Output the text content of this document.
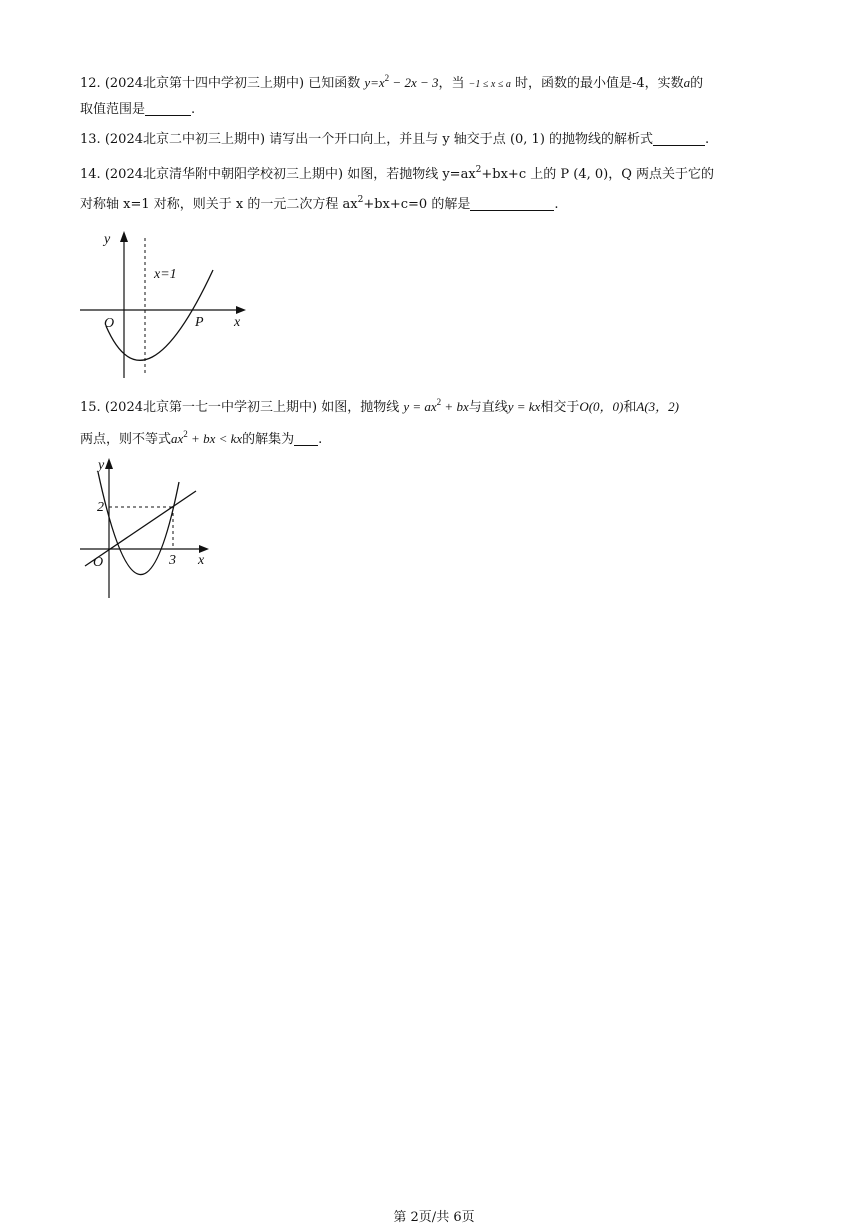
12. (2024北京第十四中学初三上期中) 已知函数 $y=x^2 - 2x - 3$，当 −1 ≤ x ≤ a 时，函数的最小值是-4，实数a的
取值范围是	.
13. (2024北京二中初三上期中) 请写出一个开口向上，并且与 y 轴交于点 (0, 1) 的抛物线的解析式	.
14. (2024北京清华附中朝阳学校初三上期中) 如图，若抛物线 $y=ax^2+bx+c$ 上的 P (4, 0)，Q 两点关于它的
对称轴 x=1 对称，则关于 x 的一元二次方程 $ax^2+bx+c=0$ 的解是	.
y
x
O	P
x=1
15. (2024北京第一七一中学初三上期中) 如图，抛物线 $y = ax^2$ + bx与直线y = kx相交于O(0，0)和A(3，2)
两点，则不等式$ax^2$ + bx < kx的解集为 .
y
x
O
2
3
第 2页/共 6页
